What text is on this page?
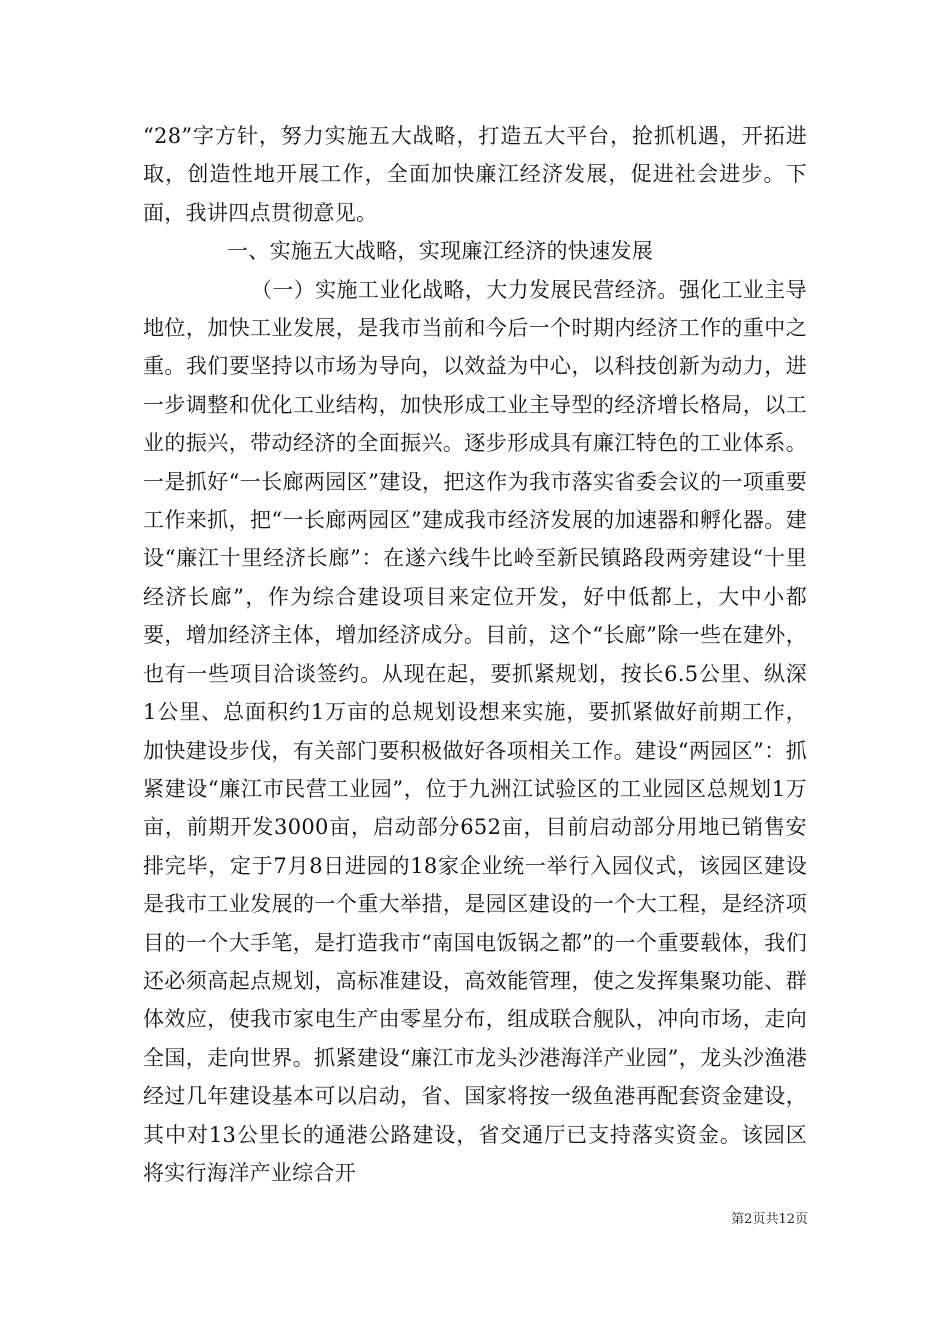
“28”字方针，努力实施五大战略，打造五大平台，抢抓机遇，开拓进取，创造性地开展工作，全面加快廉江经济发展，促进社会进步。下面，我讲四点贯彻意见。

一、实施五大战略，实现廉江经济的快速发展

（一）实施工业化战略，大力发展民营经济。强化工业主导地位，加快工业发展，是我市当前和今后一个时期内经济工作的重中之重。我们要坚持以市场为导向，以效益为中心，以科技创新为动力，进一步调整和优化工业结构，加快形成工业主导型的经济增长格局，以工业的振兴，带动经济的全面振兴。逐步形成具有廉江特色的工业体系。一是抓好“一长廊两园区”建设，把这作为我市落实省委会议的一项重要工作来抓，把“一长廊两园区”建成我市经济发展的加速器和孵化器。建设“廉江十里经济长廊”：在遂六线牛比岭至新民镇路段两旁建设“十里经济长廊”，作为综合建设项目来定位开发，好中低都上，大中小都要，增加经济主体，增加经济成分。目前，这个“长廊”除一些在建外，也有一些项目洽谈签约。从现在起，要抓紧规划，按长6.5公里、纵深1公里、总面积约1万亩的总规划设想来实施，要抓紧做好前期工作，加快建设步伐，有关部门要积极做好各项相关工作。建设“两园区”：抓紧建设“廉江市民营工业园”，位于九洲江试验区的工业园区总规划1万亩，前期开发3000亩，启动部分652亩，目前启动部分用地已销售安排完毕，定于7月8日进园的18家企业统一举行入园仪式，该园区建设是我市工业发展的一个重大举措，是园区建设的一个大工程，是经济项目的一个大手笔，是打造我市“南国电饭锅之都”的一个重要载体，我们还必须高起点规划，高标准建设，高效能管理，使之发挥集聚功能、群体效应，使我市家电生产由零星分布，组成联合舰队，冲向市场，走向全国，走向世界。抓紧建设“廉江市龙头沙港海洋产业园”，龙头沙渔港经过几年建设基本可以启动，省、国家将按一级鱼港再配套资金建设，其中对13公里长的通港公路建设，省交通厅已支持落实资金。该园区将实行海洋产业综合开

第2页共12页
